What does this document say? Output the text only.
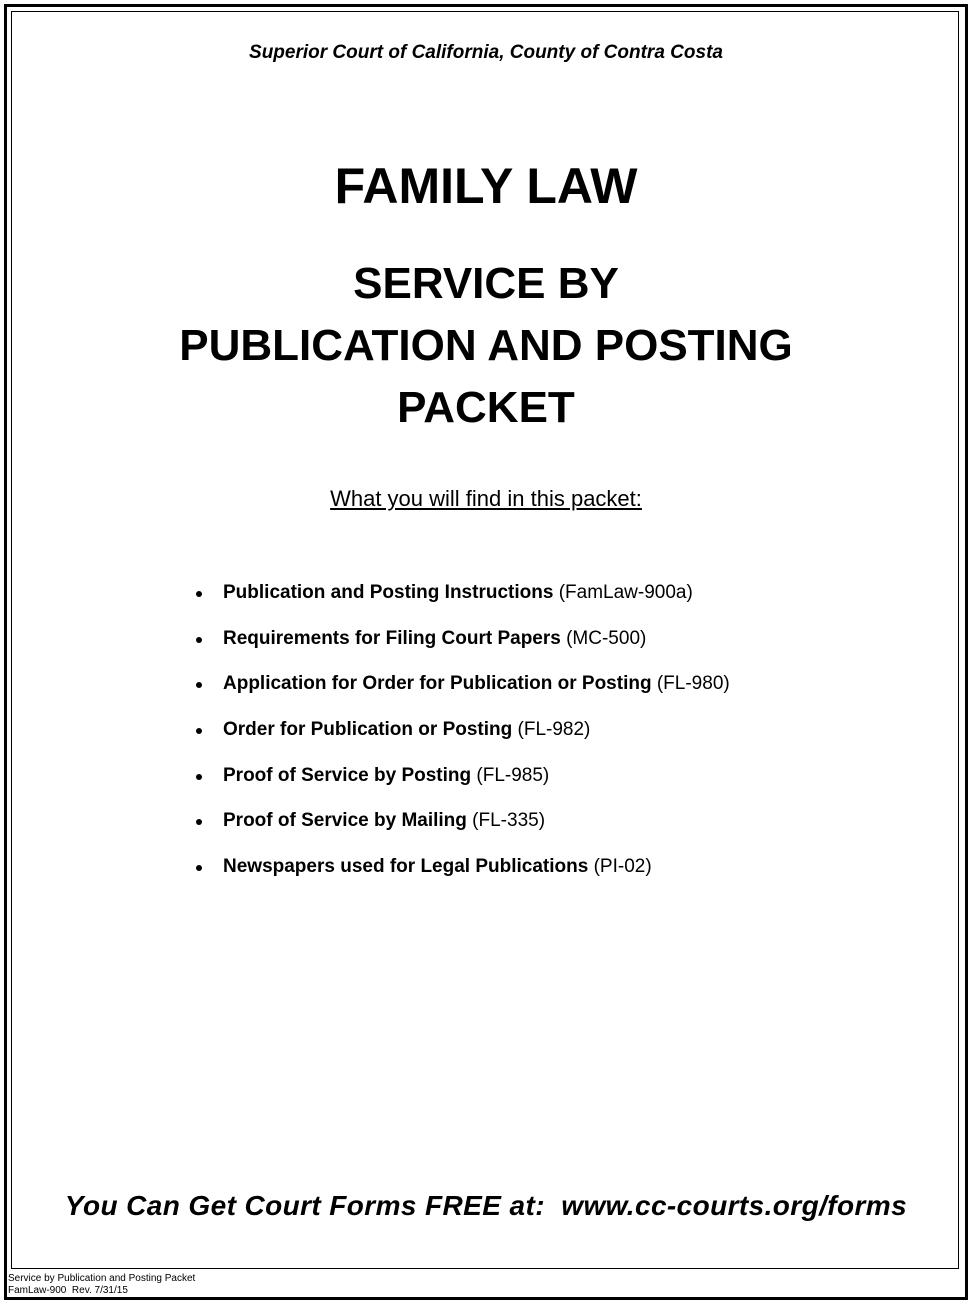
Superior Court of California, County of Contra Costa
FAMILY LAW
SERVICE BY
PUBLICATION AND POSTING
PACKET
What you will find in this packet:
Publication and Posting Instructions (FamLaw-900a)
Requirements for Filing Court Papers (MC-500)
Application for Order for Publication or Posting (FL-980)
Order for Publication or Posting (FL-982)
Proof of Service by Posting (FL-985)
Proof of Service by Mailing (FL-335)
Newspapers used for Legal Publications (PI-02)
You Can Get Court Forms FREE at: www.cc-courts.org/forms
Service by Publication and Posting Packet
FamLaw-900  Rev. 7/31/15
